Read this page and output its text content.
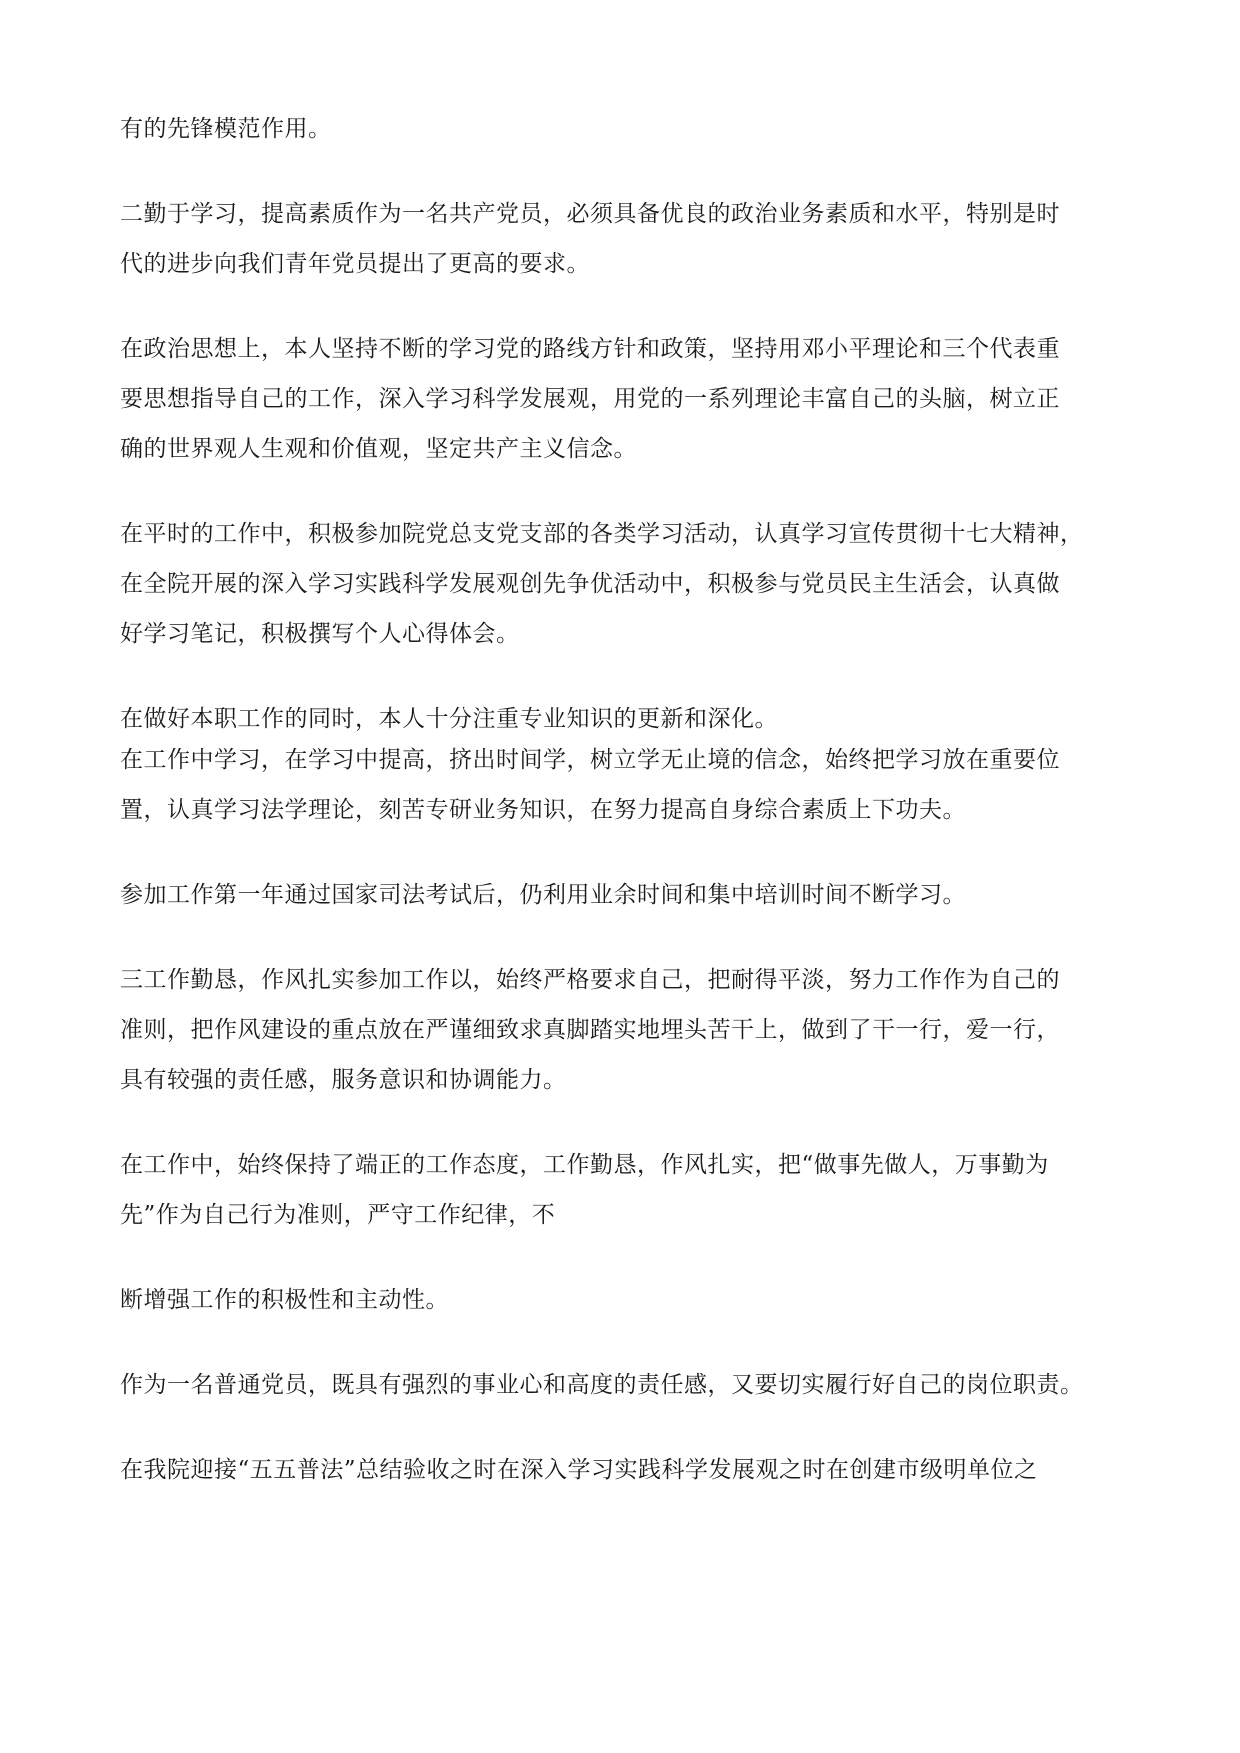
有的先锋模范作用。
二勤于学习，提高素质作为一名共产党员，必须具备优良的政治业务素质和水平，特别是时
代的进步向我们青年党员提出了更高的要求。
在政治思想上，本人坚持不断的学习党的路线方针和政策，坚持用邓小平理论和三个代表重
要思想指导自己的工作，深入学习科学发展观，用党的一系列理论丰富自己的头脑，树立正
确的世界观人生观和价值观，坚定共产主义信念。
在平时的工作中，积极参加院党总支党支部的各类学习活动，认真学习宣传贯彻十七大精神，
在全院开展的深入学习实践科学发展观创先争优活动中，积极参与党员民主生活会，认真做
好学习笔记，积极撰写个人心得体会。
在做好本职工作的同时，本人十分注重专业知识的更新和深化。
在工作中学习，在学习中提高，挤出时间学，树立学无止境的信念，始终把学习放在重要位
置，认真学习法学理论，刻苦专研业务知识，在努力提高自身综合素质上下功夫。
参加工作第一年通过国家司法考试后，仍利用业余时间和集中培训时间不断学习。
三工作勤恳，作风扎实参加工作以，始终严格要求自己，把耐得平淡，努力工作作为自己的
准则，把作风建设的重点放在严谨细致求真脚踏实地埋头苦干上，做到了干一行，爱一行，
具有较强的责任感，服务意识和协调能力。
在工作中，始终保持了端正的工作态度，工作勤恳，作风扎实，把“做事先做人，万事勤为
先”作为自己行为准则，严守工作纪律，不
断增强工作的积极性和主动性。
作为一名普通党员，既具有强烈的事业心和高度的责任感，又要切实履行好自己的岗位职责。
在我院迎接“五五普法”总结验收之时在深入学习实践科学发展观之时在创建市级明单位之
